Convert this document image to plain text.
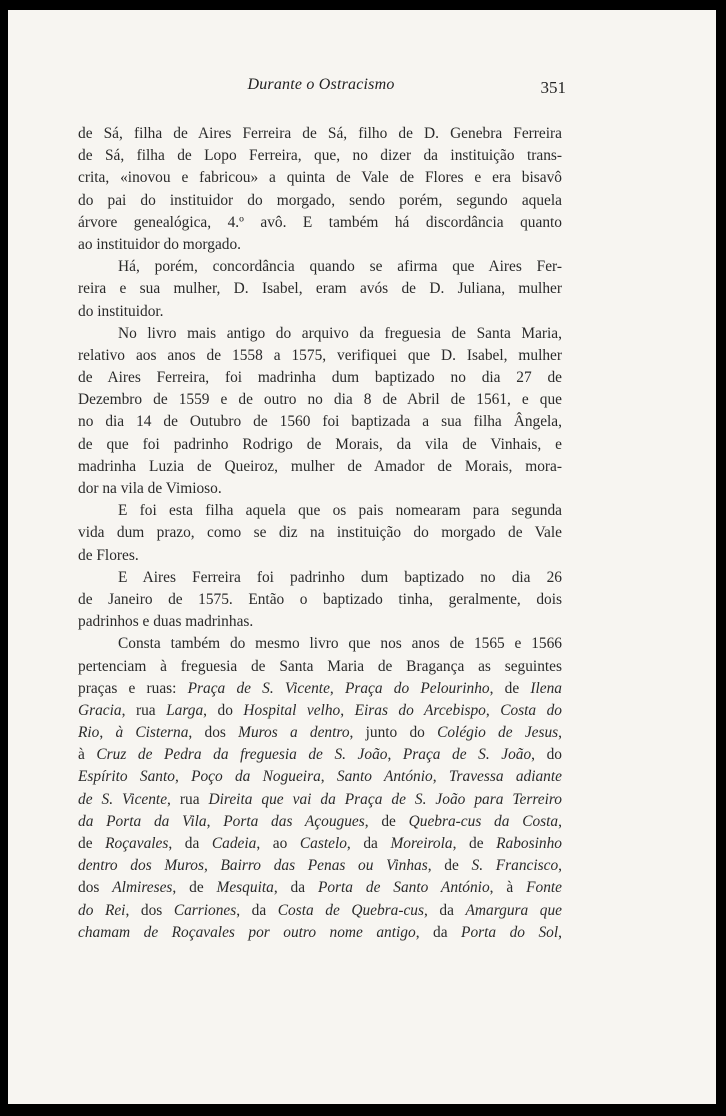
Durante o Ostracismo	351
de Sá, filha de Aires Ferreira de Sá, filho de D. Genebra Ferreira
de Sá, filha de Lopo Ferreira, que, no dizer da instituição trans-
crita, «inovou e fabricou» a quinta de Vale de Flores e era bisavô
do pai do instituidor do morgado, sendo porém, segundo aquela
árvore genealógica, 4.º avô. E também há discordância quanto
ao instituidor do morgado.
Há, porém, concordância quando se afirma que Aires Fer-
reira e sua mulher, D. Isabel, eram avós de D. Juliana, mulher
do instituidor.
No livro mais antigo do arquivo da freguesia de Santa Maria,
relativo aos anos de 1558 a 1575, verifiquei que D. Isabel, mulher
de Aires Ferreira, foi madrinha dum baptizado no dia 27 de
Dezembro de 1559 e de outro no dia 8 de Abril de 1561, e que
no dia 14 de Outubro de 1560 foi baptizada a sua filha Ângela,
de que foi padrinho Rodrigo de Morais, da vila de Vinhais, e
madrinha Luzia de Queiroz, mulher de Amador de Morais, mora-
dor na vila de Vimioso.
E foi esta filha aquela que os pais nomearam para segunda
vida dum prazo, como se diz na instituição do morgado de Vale
de Flores.
E Aires Ferreira foi padrinho dum baptizado no dia 26
de Janeiro de 1575. Então o baptizado tinha, geralmente, dois
padrinhos e duas madrinhas.
Consta também do mesmo livro que nos anos de 1565 e 1566
pertenciam à freguesia de Santa Maria de Bragança as seguintes
praças e ruas: Praça de S. Vicente, Praça do Pelourinho, de Ilena
Gracia, rua Larga, do Hospital velho, Eiras do Arcebispo, Costa do
Rio, à Cisterna, dos Muros a dentro, junto do Colégio de Jesus,
à Cruz de Pedra da freguesia de S. João, Praça de S. João, do
Espírito Santo, Poço da Nogueira, Santo António, Travessa adiante
de S. Vicente, rua Direita que vai da Praça de S. João para Terreiro
da Porta da Vila, Porta das Açougues, de Quebra-cus da Costa,
de Roçavales, da Cadeia, ao Castelo, da Moreirola, de Rabosinho
dentro dos Muros, Bairro das Penas ou Vinhas, de S. Francisco,
dos Almireses, de Mesquita, da Porta de Santo António, à Fonte
do Rei, dos Carriones, da Costa de Quebra-cus, da Amargura que
chamam de Roçavales por outro nome antigo, da Porta do Sol,
